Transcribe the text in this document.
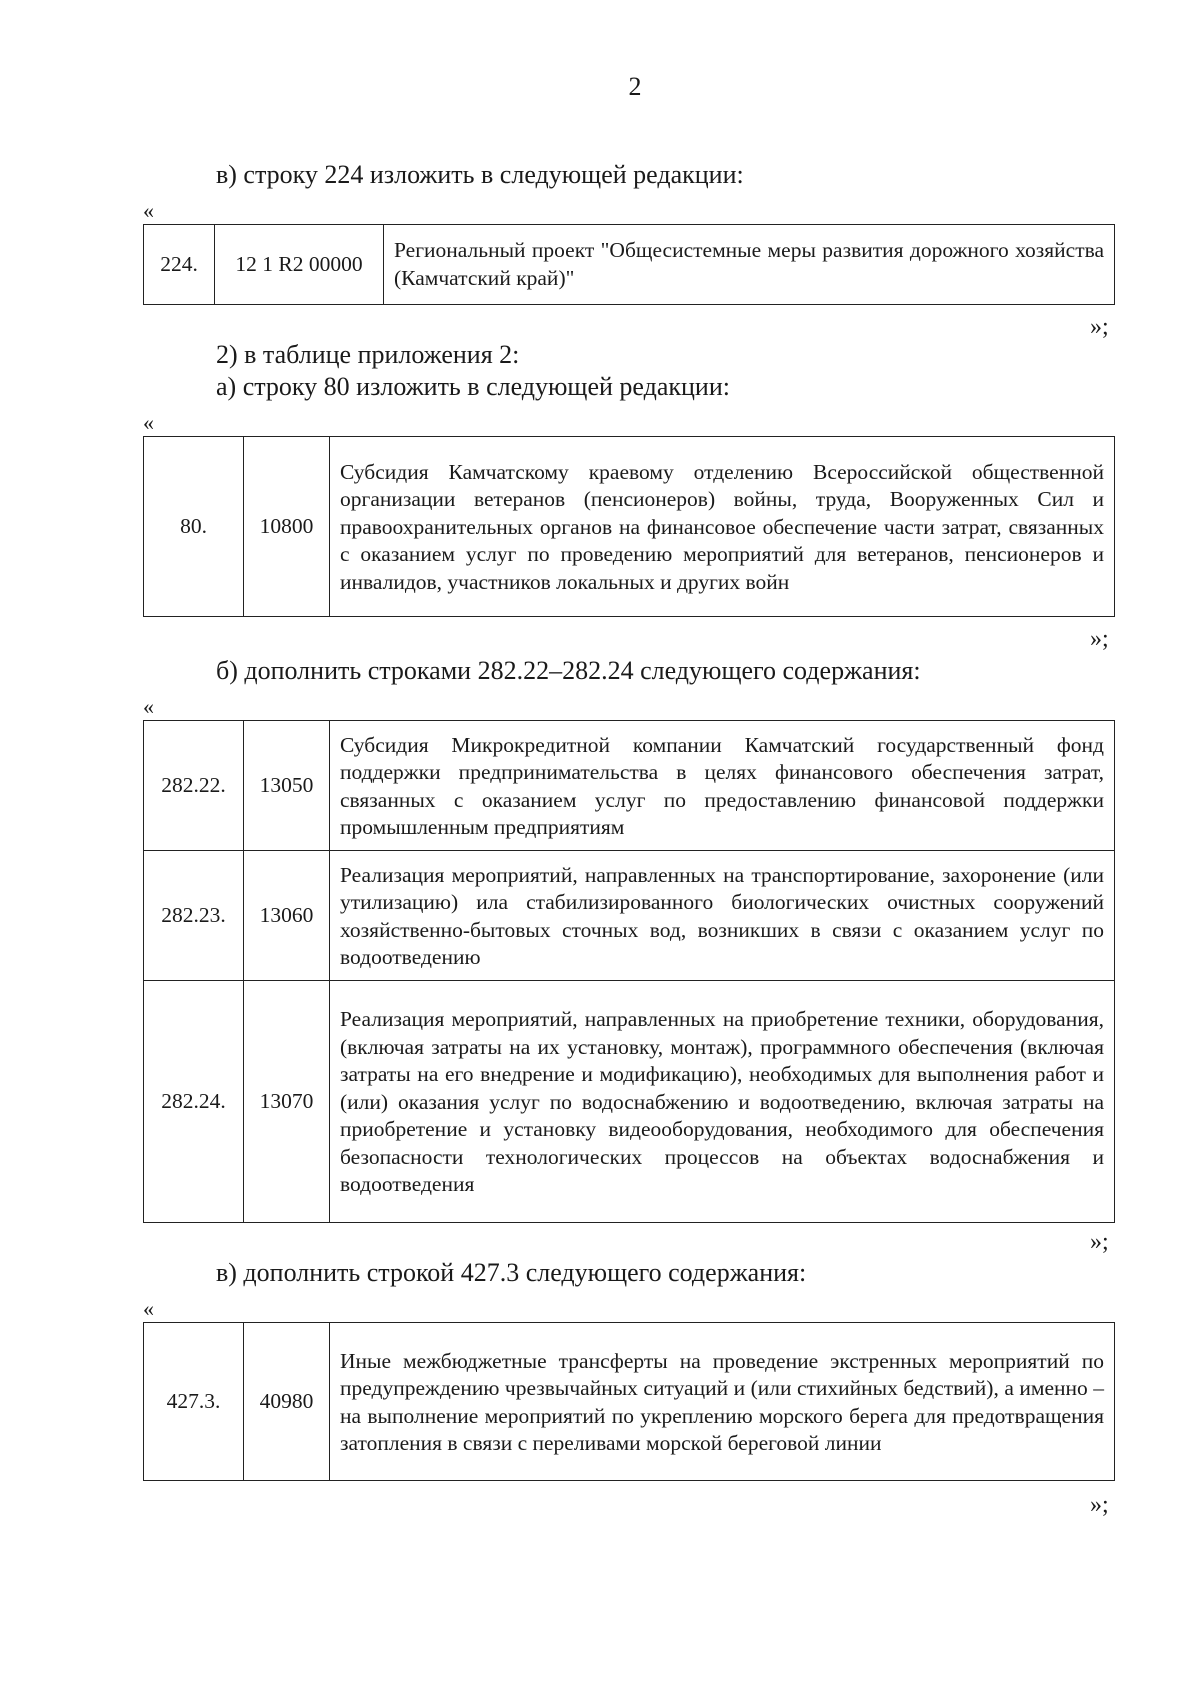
2
в) строку 224 изложить в следующей редакции:
«
224.	12 1 R2 00000	Региональный проект "Общесистемные меры развития дорожного хозяйства (Камчатский край)"
»;
2) в таблице приложения 2:
а) строку 80 изложить в следующей редакции:
«
80.	10800	Субсидия Камчатскому краевому отделению Всероссийской общественной организации ветеранов (пенсионеров) войны, труда, Вооруженных Сил и правоохранительных органов на финансовое обеспечение части затрат, связанных с оказанием услуг по проведению мероприятий для ветеранов, пенсионеров и инвалидов, участников локальных и других войн
»;
б) дополнить строками 282.22–282.24 следующего содержания:
«
282.22.	13050	Субсидия Микрокредитной компании Камчатский государственный фонд поддержки предпринимательства в целях финансового обеспечения затрат, связанных с оказанием услуг по предоставлению финансовой поддержки промышленным предприятиям
282.23.	13060	Реализация мероприятий, направленных на транспортирование, захоронение (или утилизацию) ила стабилизированного биологических очистных сооружений хозяйственно-бытовых сточных вод, возникших в связи с оказанием услуг по водоотведению
282.24.	13070	Реализация мероприятий, направленных на приобретение техники, оборудования, (включая затраты на их установку, монтаж), программного обеспечения (включая затраты на его внедрение и модификацию), необходимых для выполнения работ и (или) оказания услуг по водоснабжению и водоотведению, включая затраты на приобретение и установку видеооборудования, необходимого для обеспечения безопасности технологических процессов на объектах водоснабжения и водоотведения
»;
в) дополнить строкой 427.3 следующего содержания:
«
427.3.	40980	Иные межбюджетные трансферты на проведение экстренных мероприятий по предупреждению чрезвычайных ситуаций и (или стихийных бедствий), а именно – на выполнение мероприятий по укреплению морского берега для предотвращения затопления в связи с переливами морской береговой линии
»;
